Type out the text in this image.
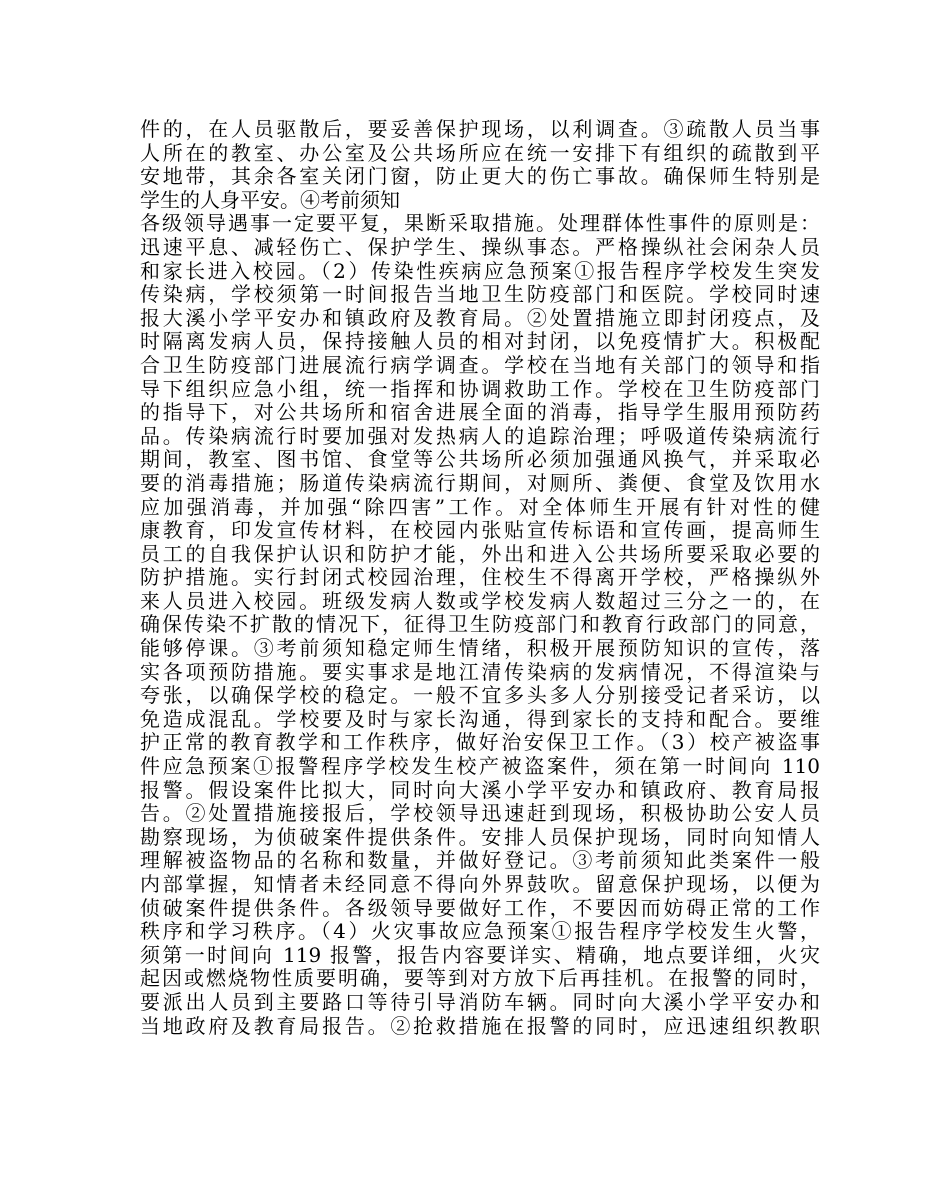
件的，在人员驱散后，要妥善保护现场，以利调查。③疏散人员当事
人所在的教室、办公室及公共场所应在统一安排下有组织的疏散到平
安地带，其余各室关闭门窗，防止更大的伤亡事故。确保师生特别是
学生的人身平安。④考前须知
各级领导遇事一定要平复，果断采取措施。处理群体性事件的原则是：
迅速平息、减轻伤亡、保护学生、操纵事态。严格操纵社会闲杂人员
和家长进入校园。（2）传染性疾病应急预案①报告程序学校发生突发
传染病，学校须第一时间报告当地卫生防疫部门和医院。学校同时速
报大溪小学平安办和镇政府及教育局。②处置措施立即封闭疫点，及
时隔离发病人员，保持接触人员的相对封闭，以免疫情扩大。积极配
合卫生防疫部门进展流行病学调查。学校在当地有关部门的领导和指
导下组织应急小组，统一指挥和协调救助工作。学校在卫生防疫部门
的指导下，对公共场所和宿舍进展全面的消毒，指导学生服用预防药
品。传染病流行时要加强对发热病人的追踪治理；呼吸道传染病流行
期间，教室、图书馆、食堂等公共场所必须加强通风换气，并采取必
要的消毒措施；肠道传染病流行期间，对厕所、粪便、食堂及饮用水
应加强消毒，并加强“除四害”工作。对全体师生开展有针对性的健
康教育，印发宣传材料，在校园内张贴宣传标语和宣传画，提高师生
员工的自我保护认识和防护才能，外出和进入公共场所要采取必要的
防护措施。实行封闭式校园治理，住校生不得离开学校，严格操纵外
来人员进入校园。班级发病人数或学校发病人数超过三分之一的，在
确保传染不扩散的情况下，征得卫生防疫部门和教育行政部门的同意，
能够停课。③考前须知稳定师生情绪，积极开展预防知识的宣传，落
实各项预防措施。要实事求是地江清传染病的发病情况，不得渲染与
夸张，以确保学校的稳定。一般不宜多头多人分别接受记者采访，以
免造成混乱。学校要及时与家长沟通，得到家长的支持和配合。要维
护正常的教育教学和工作秩序，做好治安保卫工作。（3）校产被盗事
件应急预案①报警程序学校发生校产被盗案件，须在第一时间向 110
报警。假设案件比拟大，同时向大溪小学平安办和镇政府、教育局报
告。②处置措施接报后，学校领导迅速赶到现场，积极协助公安人员
勘察现场，为侦破案件提供条件。安排人员保护现场，同时向知情人
理解被盗物品的名称和数量，并做好登记。③考前须知此类案件一般
内部掌握，知情者未经同意不得向外界鼓吹。留意保护现场，以便为
侦破案件提供条件。各级领导要做好工作，不要因而妨碍正常的工作
秩序和学习秩序。（4）火灾事故应急预案①报告程序学校发生火警，
须第一时间向 119 报警，报告内容要详实、精确，地点要详细，火灾
起因或燃烧物性质要明确，要等到对方放下后再挂机。在报警的同时，
要派出人员到主要路口等待引导消防车辆。同时向大溪小学平安办和
当地政府及教育局报告。②抢救措施在报警的同时，应迅速组织教职
